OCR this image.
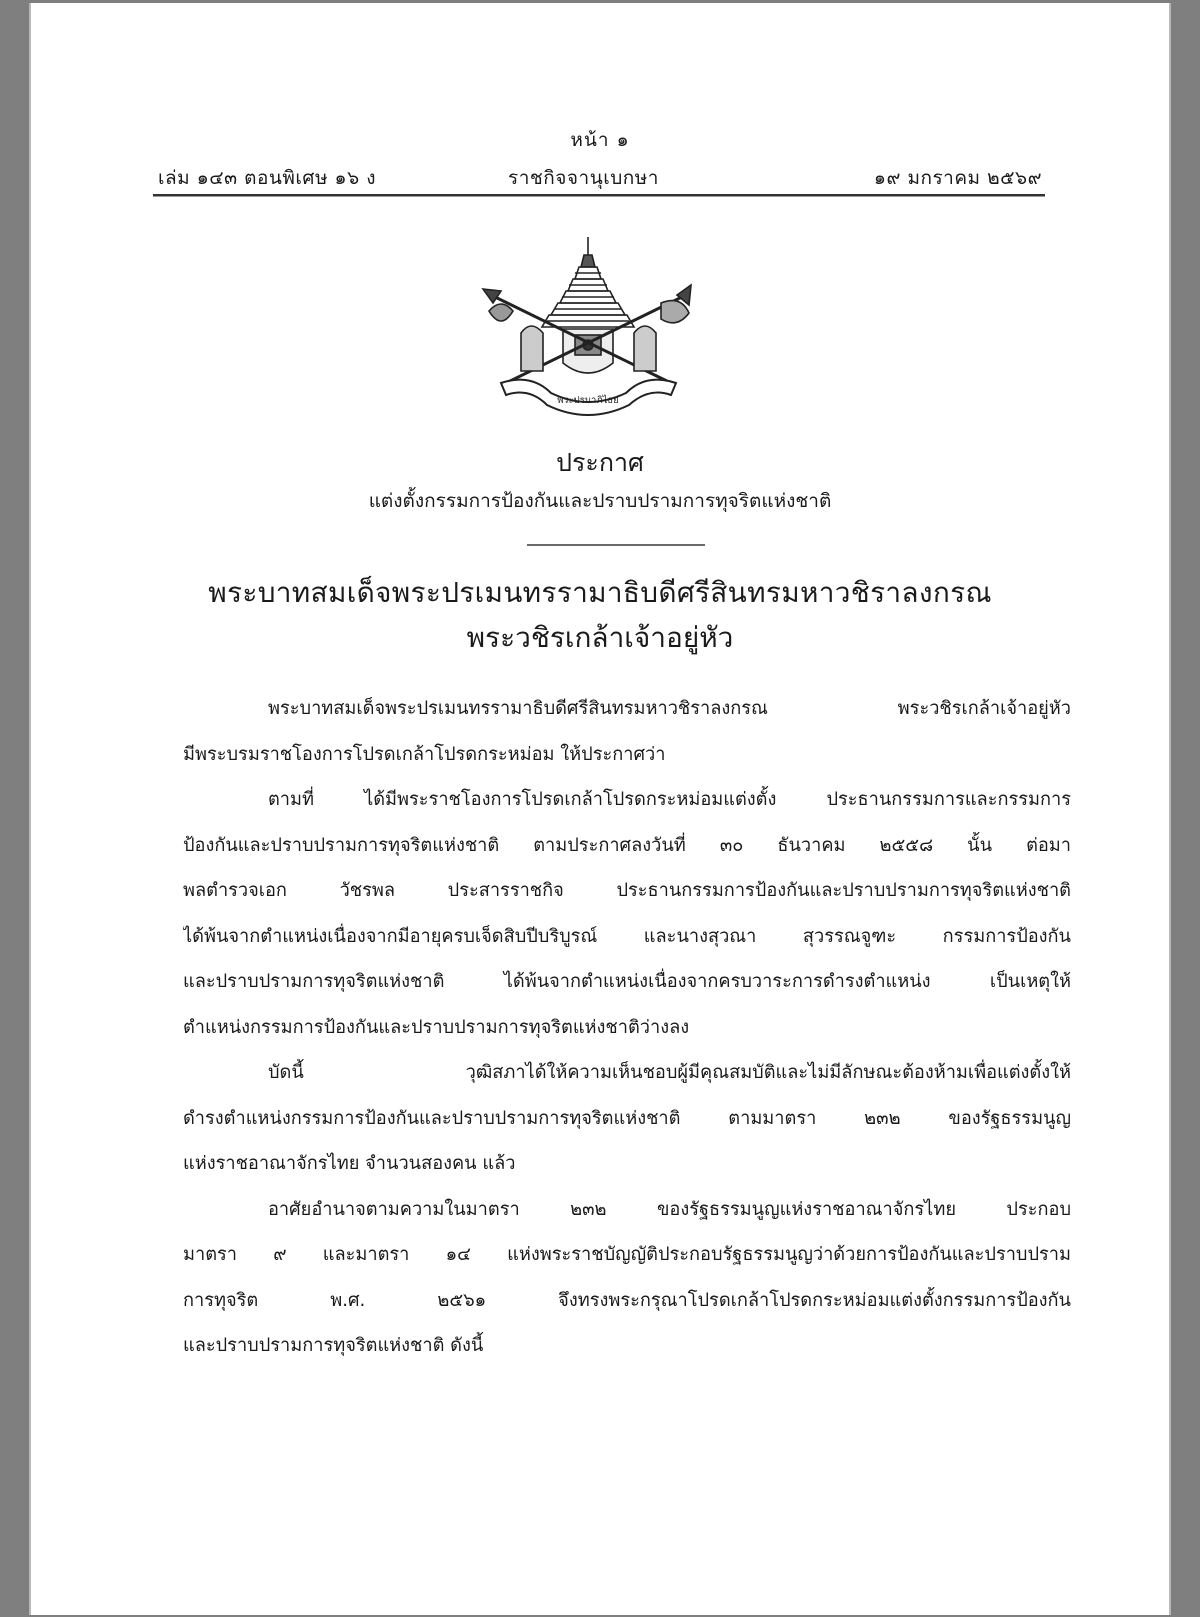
หน้า ๑
เล่ม ๑๔๓ ตอนพิเศษ ๑๖ ง	ราชกิจจานุเบกษา	๑๙ มกราคม ๒๕๖๙
พระปรมาภิไธย
ประกาศ
แต่งตั้งกรรมการป้องกันและปราบปรามการทุจริตแห่งชาติ
พระบาทสมเด็จพระปรเมนทรรามาธิบดีศรีสินทรมหาวชิราลงกรณ
พระวชิรเกล้าเจ้าอยู่หัว
พระบาทสมเด็จพระปรเมนทรรามาธิบดีศรีสินทรมหาวชิราลงกรณ พระวชิรเกล้าเจ้าอยู่หัว
มีพระบรมราชโองการโปรดเกล้าโปรดกระหม่อม ให้ประกาศว่า
ตามที่ ได้มีพระราชโองการโปรดเกล้าโปรดกระหม่อมแต่งตั้ง ประธานกรรมการและกรรมการ
ป้องกันและปราบปรามการทุจริตแห่งชาติ ตามประกาศลงวันที่ ๓๐ ธันวาคม ๒๕๕๘ นั้น ต่อมา
พลตำรวจเอก วัชรพล ประสารราชกิจ ประธานกรรมการป้องกันและปราบปรามการทุจริตแห่งชาติ
ได้พ้นจากตำแหน่งเนื่องจากมีอายุครบเจ็ดสิบปีบริบูรณ์ และนางสุวณา สุวรรณจูฑะ กรรมการป้องกัน
และปราบปรามการทุจริตแห่งชาติ ได้พ้นจากตำแหน่งเนื่องจากครบวาระการดำรงตำแหน่ง เป็นเหตุให้
ตำแหน่งกรรมการป้องกันและปราบปรามการทุจริตแห่งชาติว่างลง
บัดนี้ วุฒิสภาได้ให้ความเห็นชอบผู้มีคุณสมบัติและไม่มีลักษณะต้องห้ามเพื่อแต่งตั้งให้
ดำรงตำแหน่งกรรมการป้องกันและปราบปรามการทุจริตแห่งชาติ ตามมาตรา ๒๓๒ ของรัฐธรรมนูญ
แห่งราชอาณาจักรไทย จำนวนสองคน แล้ว
อาศัยอำนาจตามความในมาตรา ๒๓๒ ของรัฐธรรมนูญแห่งราชอาณาจักรไทย ประกอบ
มาตรา ๙ และมาตรา ๑๔ แห่งพระราชบัญญัติประกอบรัฐธรรมนูญว่าด้วยการป้องกันและปราบปราม
การทุจริต พ.ศ. ๒๕๖๑ จึงทรงพระกรุณาโปรดเกล้าโปรดกระหม่อมแต่งตั้งกรรมการป้องกัน
และปราบปรามการทุจริตแห่งชาติ ดังนี้
